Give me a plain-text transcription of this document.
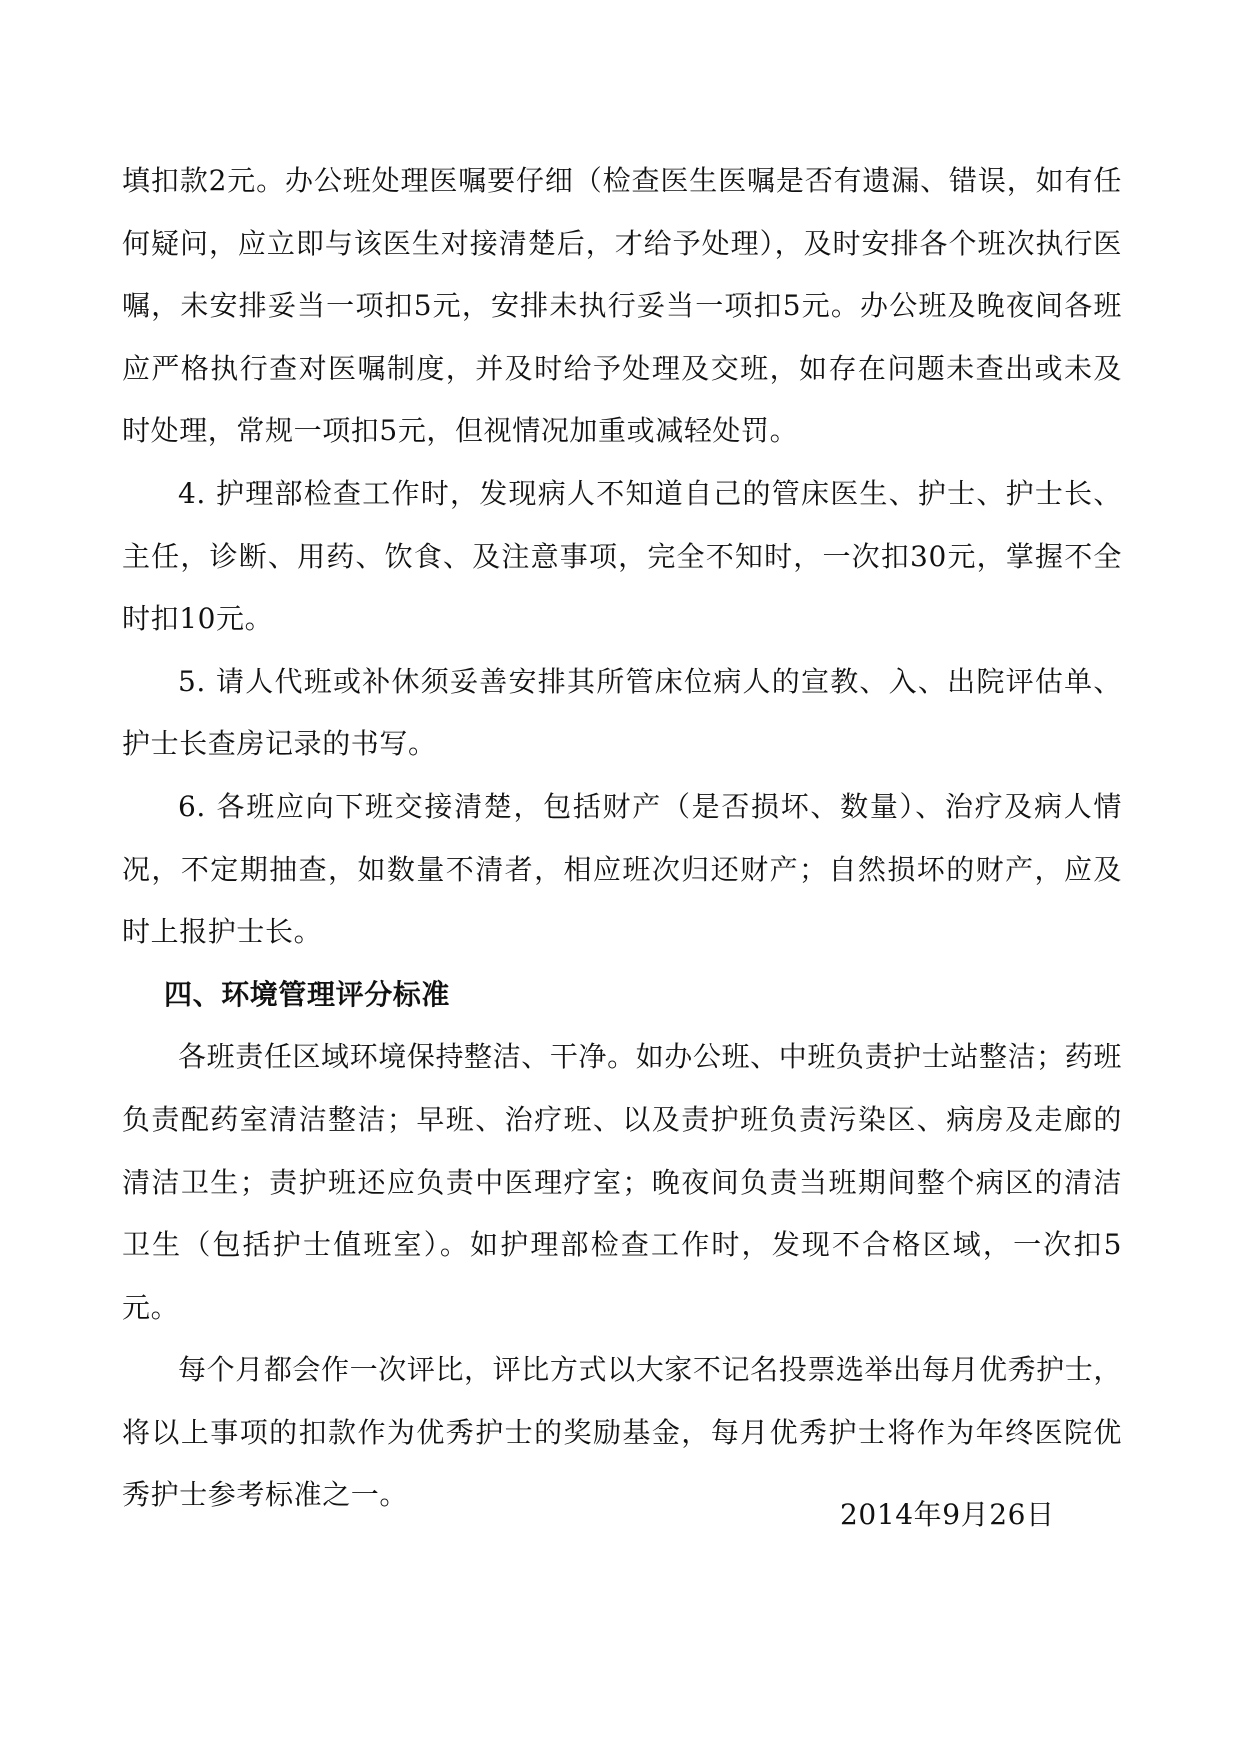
填扣款2元。办公班处理医嘱要仔细（检查医生医嘱是否有遗漏、错误，如有任何疑问，应立即与该医生对接清楚后，才给予处理），及时安排各个班次执行医嘱，未安排妥当一项扣5元，安排未执行妥当一项扣5元。办公班及晚夜间各班应严格执行查对医嘱制度，并及时给予处理及交班，如存在问题未查出或未及时处理，常规一项扣5元，但视情况加重或减轻处罚。

4. 护理部检查工作时，发现病人不知道自己的管床医生、护士、护士长、主任，诊断、用药、饮食、及注意事项，完全不知时，一次扣30元，掌握不全时扣10元。

5. 请人代班或补休须妥善安排其所管床位病人的宣教、入、出院评估单、护士长查房记录的书写。

6. 各班应向下班交接清楚，包括财产（是否损坏、数量）、治疗及病人情况，不定期抽查，如数量不清者，相应班次归还财产；自然损坏的财产，应及时上报护士长。

四、环境管理评分标准

各班责任区域环境保持整洁、干净。如办公班、中班负责护士站整洁；药班负责配药室清洁整洁；早班、治疗班、以及责护班负责污染区、病房及走廊的清洁卫生；责护班还应负责中医理疗室；晚夜间负责当班期间整个病区的清洁卫生（包括护士值班室）。如护理部检查工作时，发现不合格区域，一次扣5元。

每个月都会作一次评比，评比方式以大家不记名投票选举出每月优秀护士，将以上事项的扣款作为优秀护士的奖励基金，每月优秀护士将作为年终医院优秀护士参考标准之一。

2014年9月26日
